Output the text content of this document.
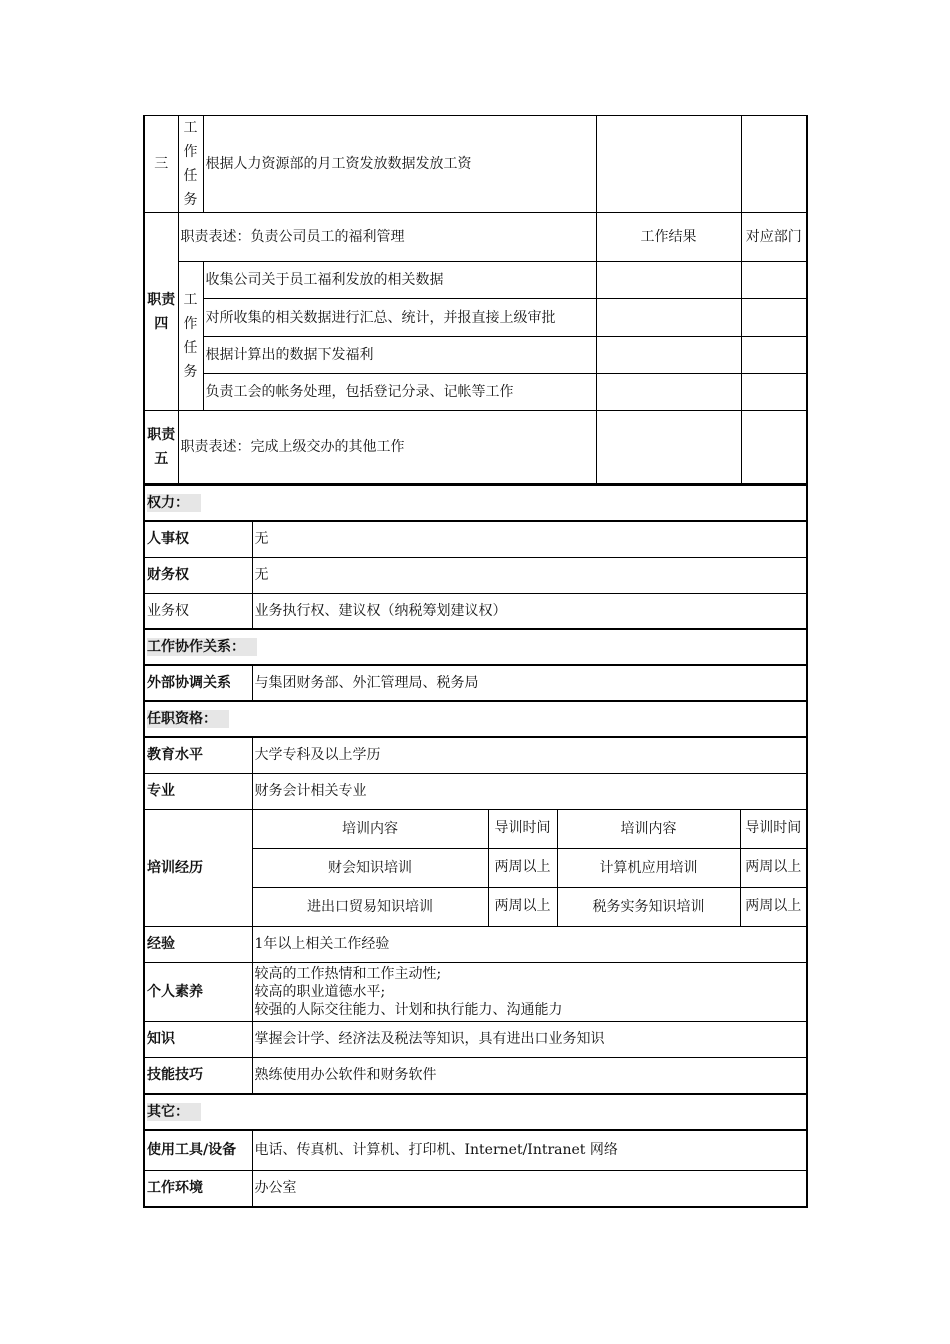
三	工作任务	根据人力资源部的月工资发放数据发放工资		
职责四	职责表述：负责公司员工的福利管理		工作结果	对应部门
	工作任务	收集公司关于员工福利发放的相关数据		
		对所收集的相关数据进行汇总、统计，并报直接上级审批		
		根据计算出的数据下发福利		
		负责工会的帐务处理，包括登记分录、记帐等工作		
职责五	职责表述：完成上级交办的其他工作			
权力：				
人事权	无			
财务权	无			
业务权	业务执行权、建议权（纳税筹划建议权）			
工作协作关系：				
外部协调关系	与集团财务部、外汇管理局、税务局			
任职资格：				
教育水平	大学专科及以上学历			
专业	财务会计相关专业			
培训经历	培训内容	导训时间	培训内容	导训时间
	财会知识培训	两周以上	计算机应用培训	两周以上
	进出口贸易知识培训	两周以上	税务实务知识培训	两周以上
经验	1年以上相关工作经验			
个人素养	较高的工作热情和工作主动性;
较高的职业道德水平;
较强的人际交往能力、计划和执行能力、沟通能力			

知识	掌握会计学、经济法及税法等知识，具有进出口业务知识			
技能技巧	熟练使用办公软件和财务软件			
其它：				
使用工具/设备	电话、传真机、计算机、打印机、Internet/Intranet 网络			
工作环境	办公室			
